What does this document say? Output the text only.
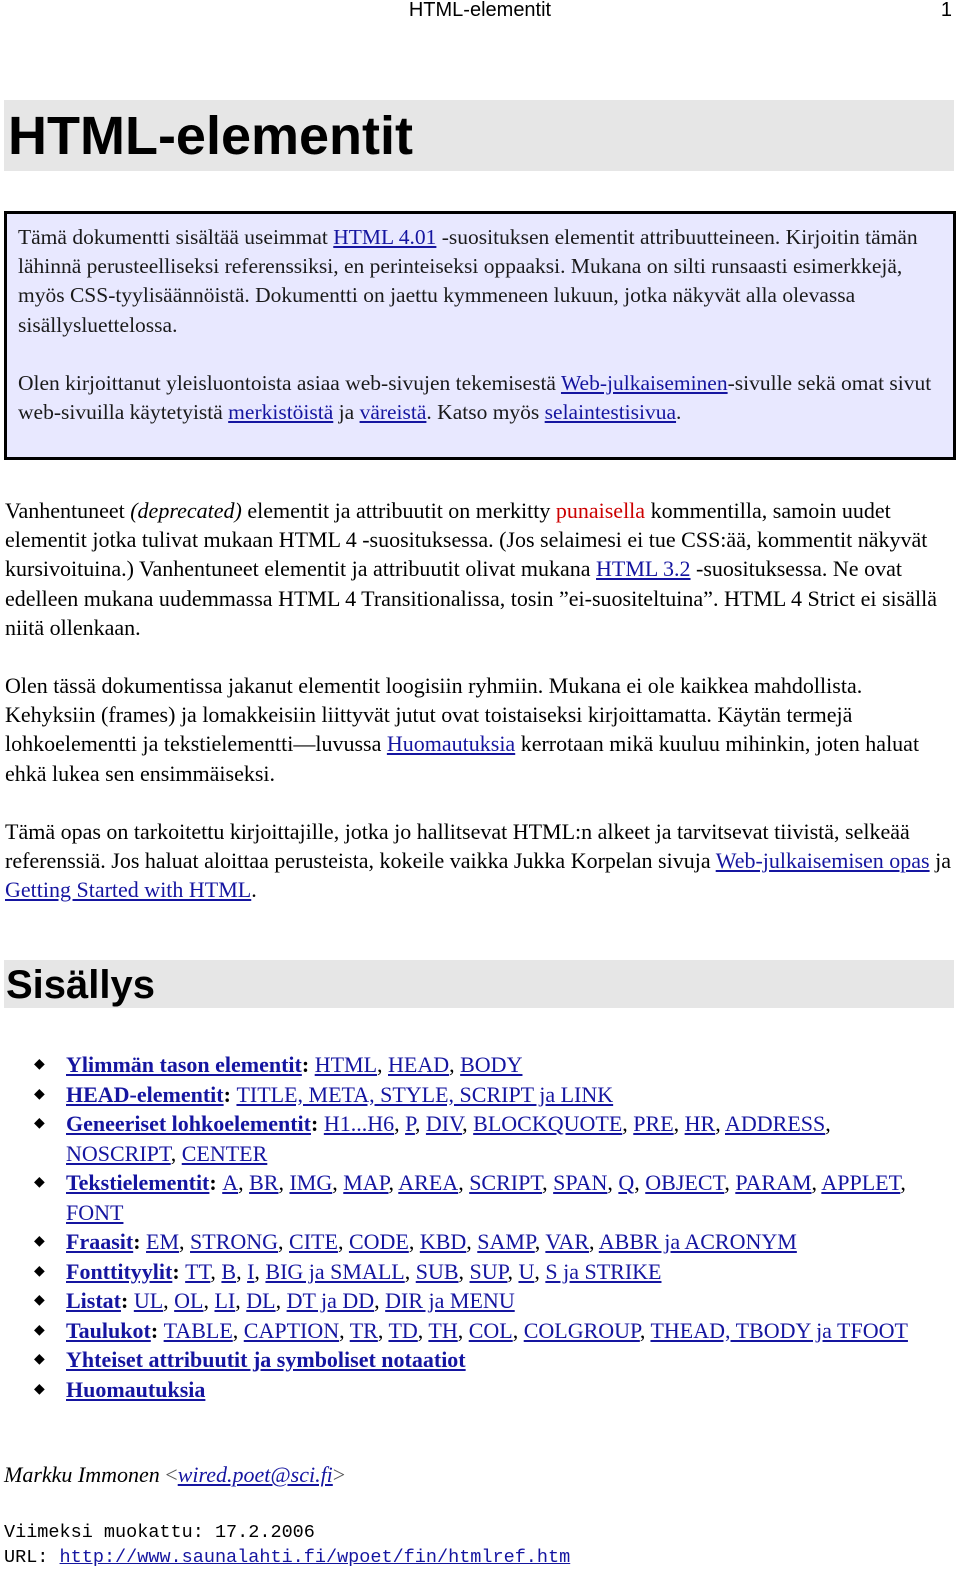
HTML-elementit	1
HTML-elementit

Tämä dokumentti sisältää useimmat HTML 4.01 -suosituksen elementit attribuutteineen. Kirjoitin tämän lähinnä perusteelliseksi referenssiksi, en perinteiseksi oppaaksi. Mukana on silti runsaasti esimerkkejä, myös CSS-tyylisäännöistä. Dokumentti on jaettu kymmeneen lukuun, jotka näkyvät alla olevassa sisällysluettelossa.

Olen kirjoittanut yleisluontoista asiaa web-sivujen tekemisestä Web-julkaiseminen-sivulle sekä omat sivut web-sivuilla käytetyistä merkistöistä ja väreistä. Katso myös selaintestisivua.

Vanhentuneet (deprecated) elementit ja attribuutit on merkitty punaisella kommentilla, samoin uudet elementit jotka tulivat mukaan HTML 4 -suosituksessa. (Jos selaimesi ei tue CSS:ää, kommentit näkyvät kursivoituina.) Vanhentuneet elementit ja attribuutit olivat mukana HTML 3.2 -suosituksessa. Ne ovat edelleen mukana uudemmassa HTML 4 Transitionalissa, tosin ”ei-suositeltuina”. HTML 4 Strict ei sisällä niitä ollenkaan.

Olen tässä dokumentissa jakanut elementit loogisiin ryhmiin. Mukana ei ole kaikkea mahdollista. Kehyksiin (frames) ja lomakkeisiin liittyvät jutut ovat toistaiseksi kirjoittamatta. Käytän termejä lohkoelementti ja tekstielementti—luvussa Huomautuksia kerrotaan mikä kuuluu mihinkin, joten haluat ehkä lukea sen ensimmäiseksi.

Tämä opas on tarkoitettu kirjoittajille, jotka jo hallitsevat HTML:n alkeet ja tarvitsevat tiivistä, selkeää referenssiä. Jos haluat aloittaa perusteista, kokeile vaikka Jukka Korpelan sivuja Web-julkaisemisen opas ja Getting Started with HTML.

Sisällys
◆ Ylimmän tason elementit: HTML, HEAD, BODY
◆ HEAD-elementit: TITLE, META, STYLE, SCRIPT ja LINK
◆ Geneeriset lohkoelementit: H1...H6, P, DIV, BLOCKQUOTE, PRE, HR, ADDRESS, NOSCRIPT, CENTER
◆ Tekstielementit: A, BR, IMG, MAP, AREA, SCRIPT, SPAN, Q, OBJECT, PARAM, APPLET, FONT
◆ Fraasit: EM, STRONG, CITE, CODE, KBD, SAMP, VAR, ABBR ja ACRONYM
◆ Fonttityylit: TT, B, I, BIG ja SMALL, SUB, SUP, U, S ja STRIKE
◆ Listat: UL, OL, LI, DL, DT ja DD, DIR ja MENU
◆ Taulukot: TABLE, CAPTION, TR, TD, TH, COL, COLGROUP, THEAD, TBODY ja TFOOT
◆ Yhteiset attribuutit ja symboliset notaatiot
◆ Huomautuksia
Markku Immonen <wired.poet@sci.fi>
Viimeksi muokattu: 17.2.2006
URL: http://www.saunalahti.fi/wpoet/fin/htmlref.htm
